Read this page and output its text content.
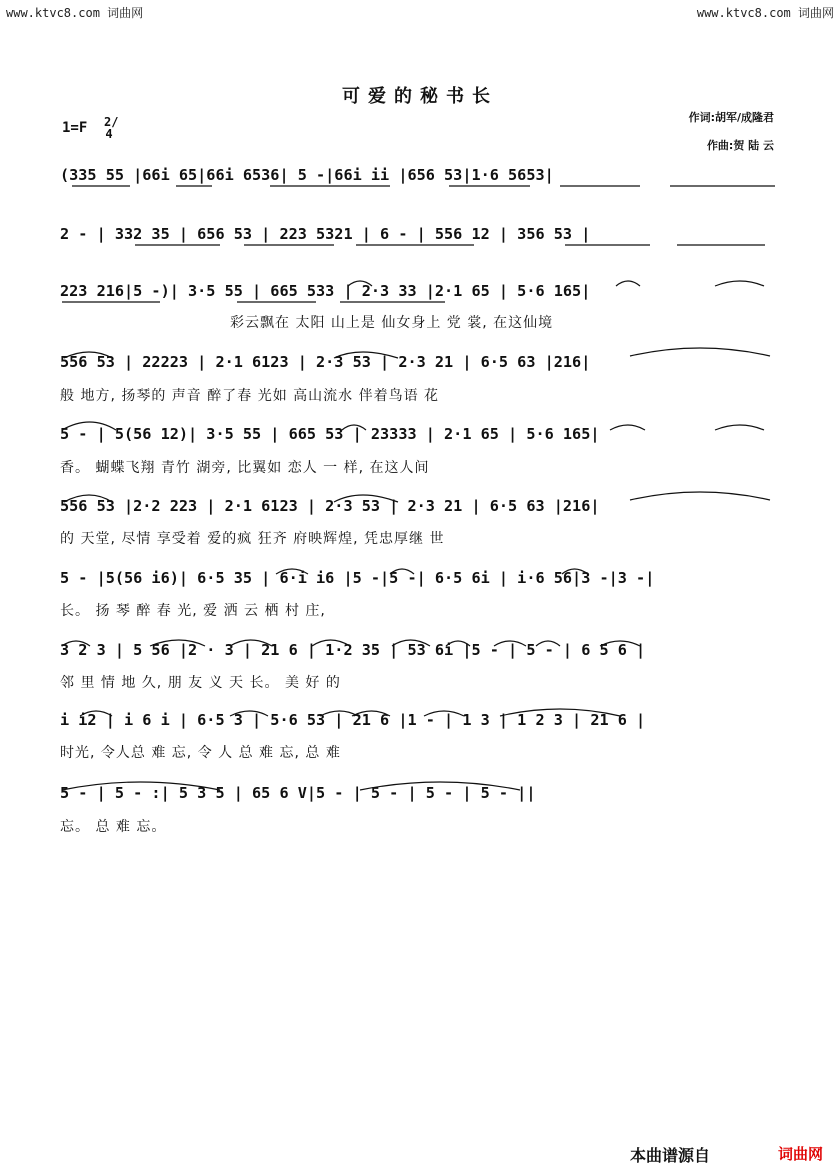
www.ktvc8.com 词曲网	www.ktvc8.com 词曲网
可爱的秘书长
1=F 2/4
作词:胡军/成隆君
作曲:贺 陆 云
(335 55 |66i 65|66i 6536| 5 -|66i ii |656 53|1·6 5653|
2 - | 332 35 | 656 53 | 223 5321 | 6 - | 556 12 | 356 53 |
223 216|5 -)| 3·5 55 | 665 533 | 2·3 33 |2·1 65 | 5·6 165|
彩云飘在 太阳 山上是 仙女身上 党 裳, 在这仙境
556 53 | 22223 | 2·1 6123 | 2·3 53 | 2·3 21 | 6·5 63 |216|
般 地方, 扬琴的 声音 醉了春 光如 高山流水 伴着鸟语 花
5 - | 5(56 12)| 3·5 55 | 665 53 | 23333 | 2·1 65 | 5·6 165|
香。 蝴蝶飞翔 青竹 湖旁, 比翼如 恋人 一 样, 在这人间
556 53 |2·2 223 | 2·1 6123 | 2·3 53 | 2·3 21 | 6·5 63 |216|
的 天堂, 尽情 享受着 爱的疯 狂齐 府映辉煌, 凭忠厚继 世
5 - |5(56 i6)| 6·5 35 | 6·i i6 |5 -|5 -| 6·5 6i | i·6 56|3 -|3 -|
长。 扬 琴 醉 春 光, 爱 洒 云 栖 村 庄,
3 2 3 | 5 56 |2 · 3 | 21 6 | 1·2 35 | 53 6i |5 - | 5 - | 6 5 6 |
邻 里 情 地 久, 朋 友 义 天 长。 美 好 的
i i2 | i 6 i | 6·5 3 | 5·6 53 | 21 6 |1 - | 1 3 | 1 2 3 | 21 6 |
时光, 令人总 难 忘, 令 人 总 难 忘, 总 难
5 - | 5 - :| 5 3 5 | 65 6 V|5 - | 5 - | 5 - | 5 - ||
忘。 总 难 忘。
本曲谱源自	词曲网
